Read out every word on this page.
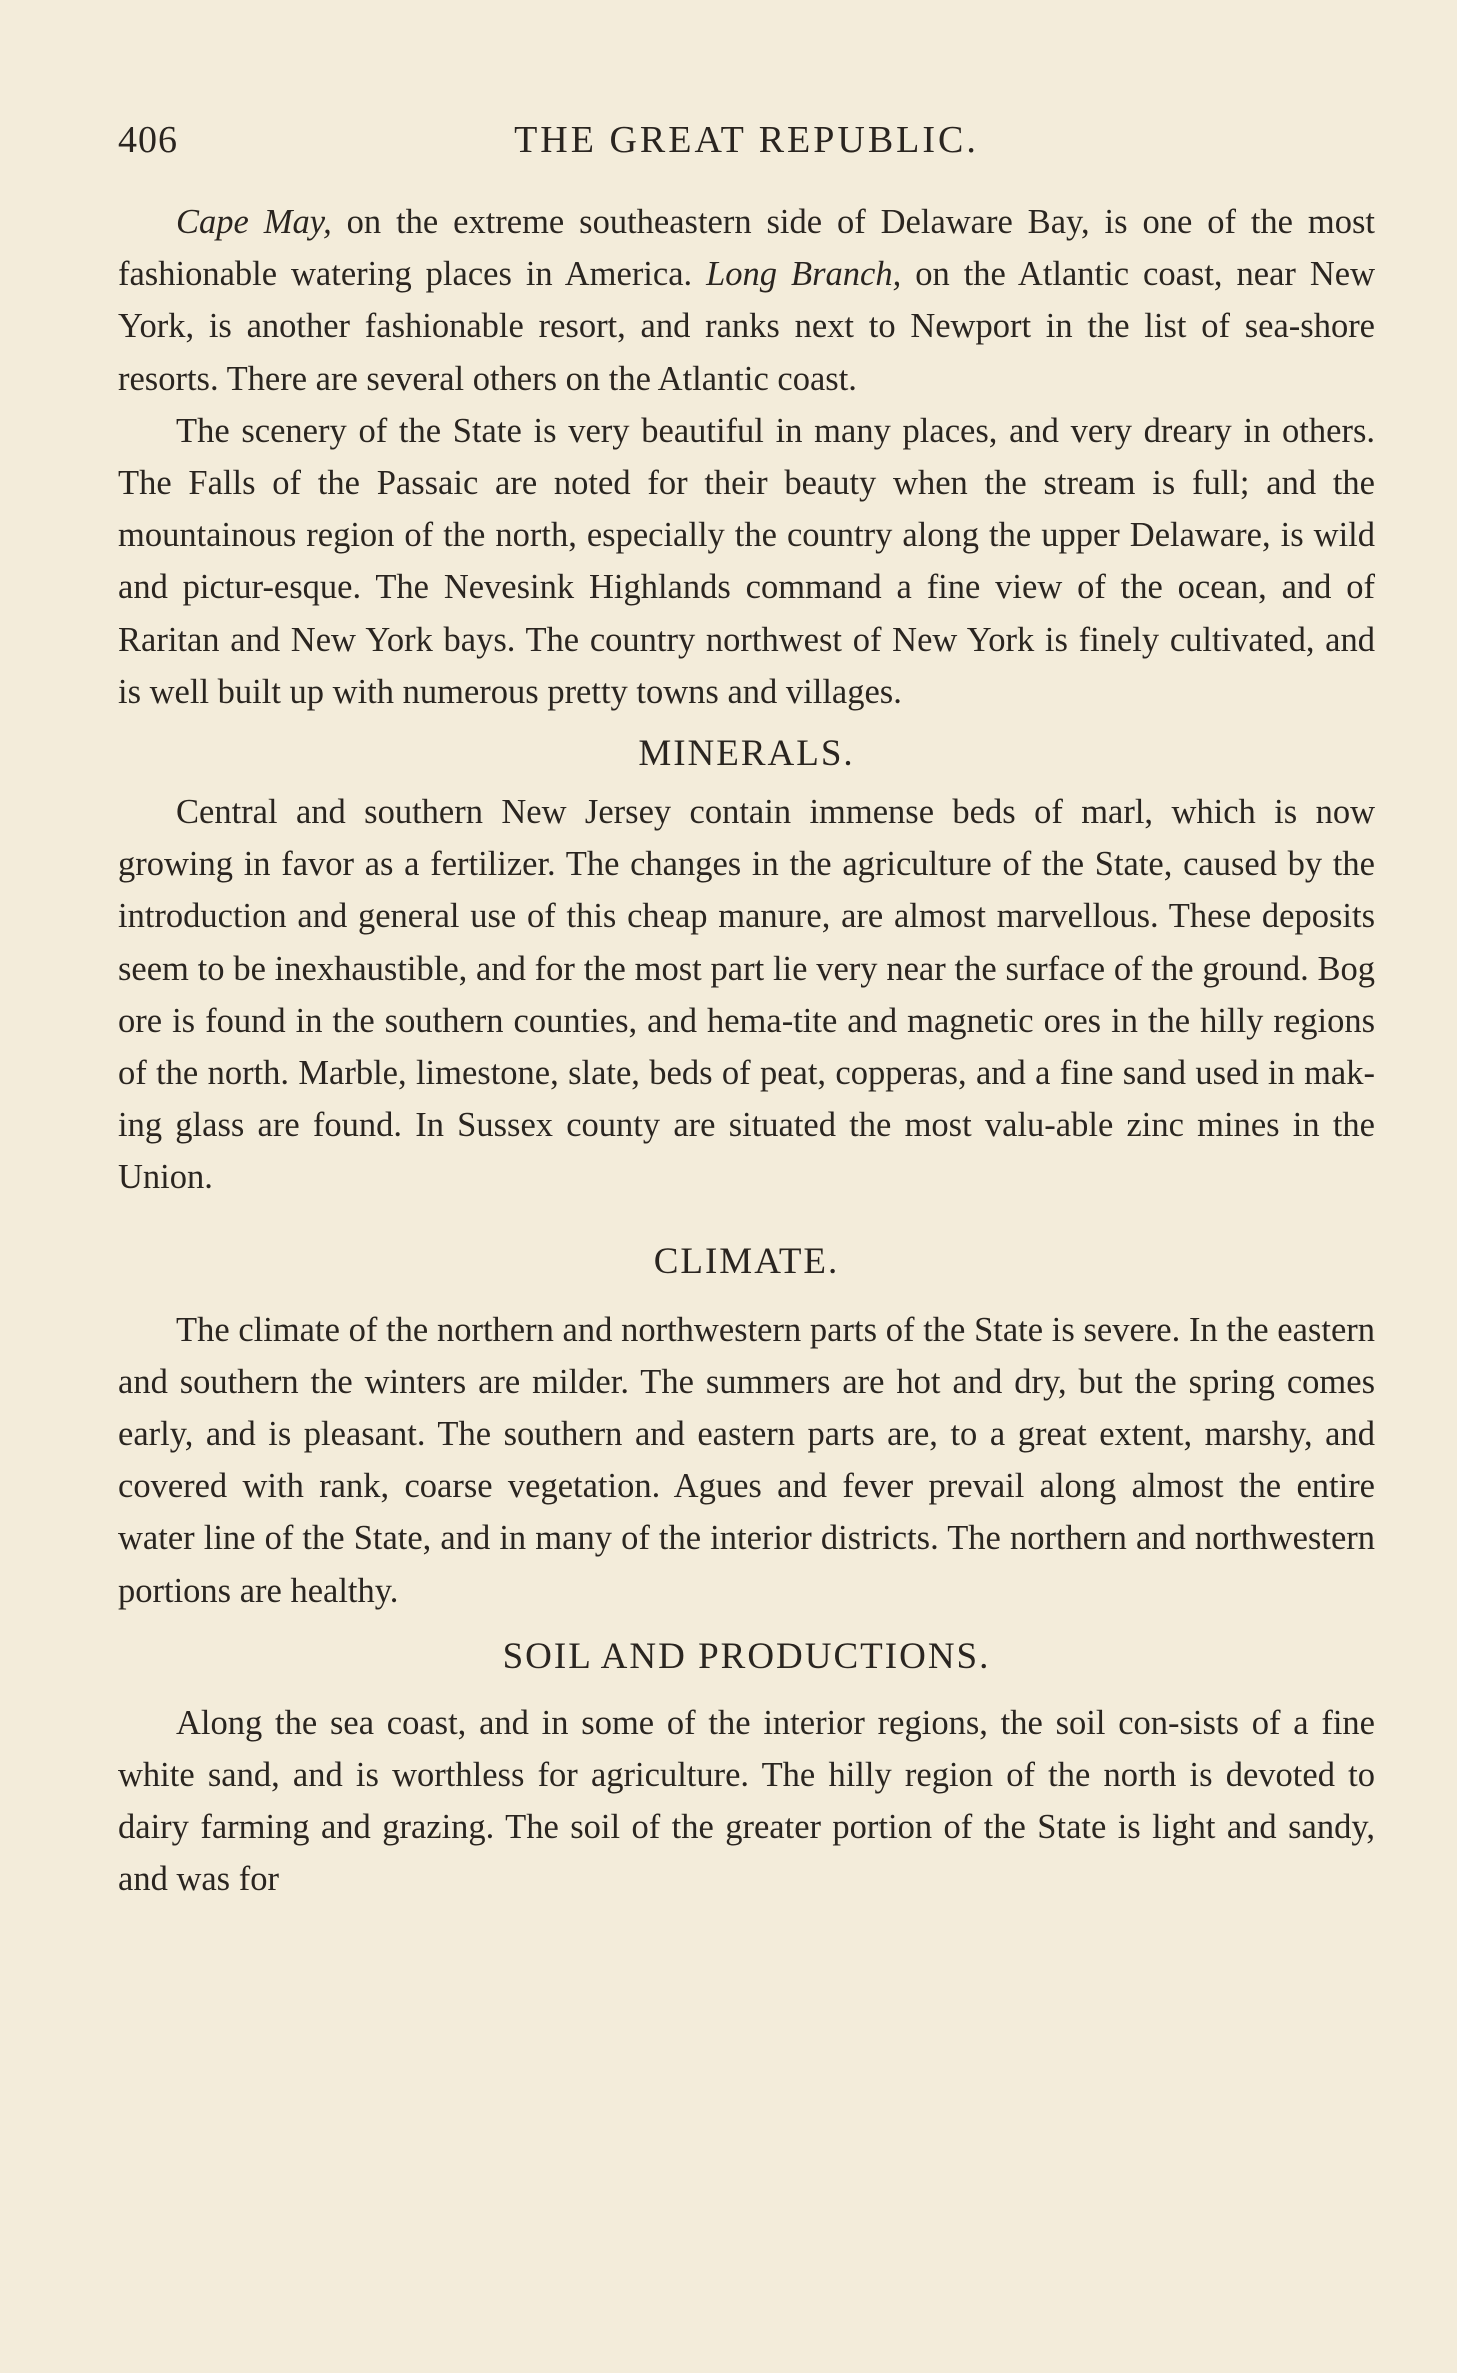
406	THE GREAT REPUBLIC.

Cape May, on the extreme southeastern side of Delaware Bay, is one of the most fashionable watering places in America. Long Branch, on the Atlantic coast, near New York, is another fashionable resort, and ranks next to Newport in the list of sea-shore resorts. There are several others on the Atlantic coast.

The scenery of the State is very beautiful in many places, and very dreary in others. The Falls of the Passaic are noted for their beauty when the stream is full; and the mountainous region of the north, especially the country along the upper Delaware, is wild and pictur-esque. The Nevesink Highlands command a fine view of the ocean, and of Raritan and New York bays. The country northwest of New York is finely cultivated, and is well built up with numerous pretty towns and villages.

MINERALS.

Central and southern New Jersey contain immense beds of marl, which is now growing in favor as a fertilizer. The changes in the agriculture of the State, caused by the introduction and general use of this cheap manure, are almost marvellous. These deposits seem to be inexhaustible, and for the most part lie very near the surface of the ground. Bog ore is found in the southern counties, and hema-tite and magnetic ores in the hilly regions of the north. Marble, limestone, slate, beds of peat, copperas, and a fine sand used in mak-ing glass are found. In Sussex county are situated the most valu-able zinc mines in the Union.

CLIMATE.

The climate of the northern and northwestern parts of the State is severe. In the eastern and southern the winters are milder. The summers are hot and dry, but the spring comes early, and is pleasant. The southern and eastern parts are, to a great extent, marshy, and covered with rank, coarse vegetation. Agues and fever prevail along almost the entire water line of the State, and in many of the interior districts. The northern and northwestern portions are healthy.

SOIL AND PRODUCTIONS.

Along the sea coast, and in some of the interior regions, the soil con-sists of a fine white sand, and is worthless for agriculture. The hilly region of the north is devoted to dairy farming and grazing. The soil of the greater portion of the State is light and sandy, and was for
